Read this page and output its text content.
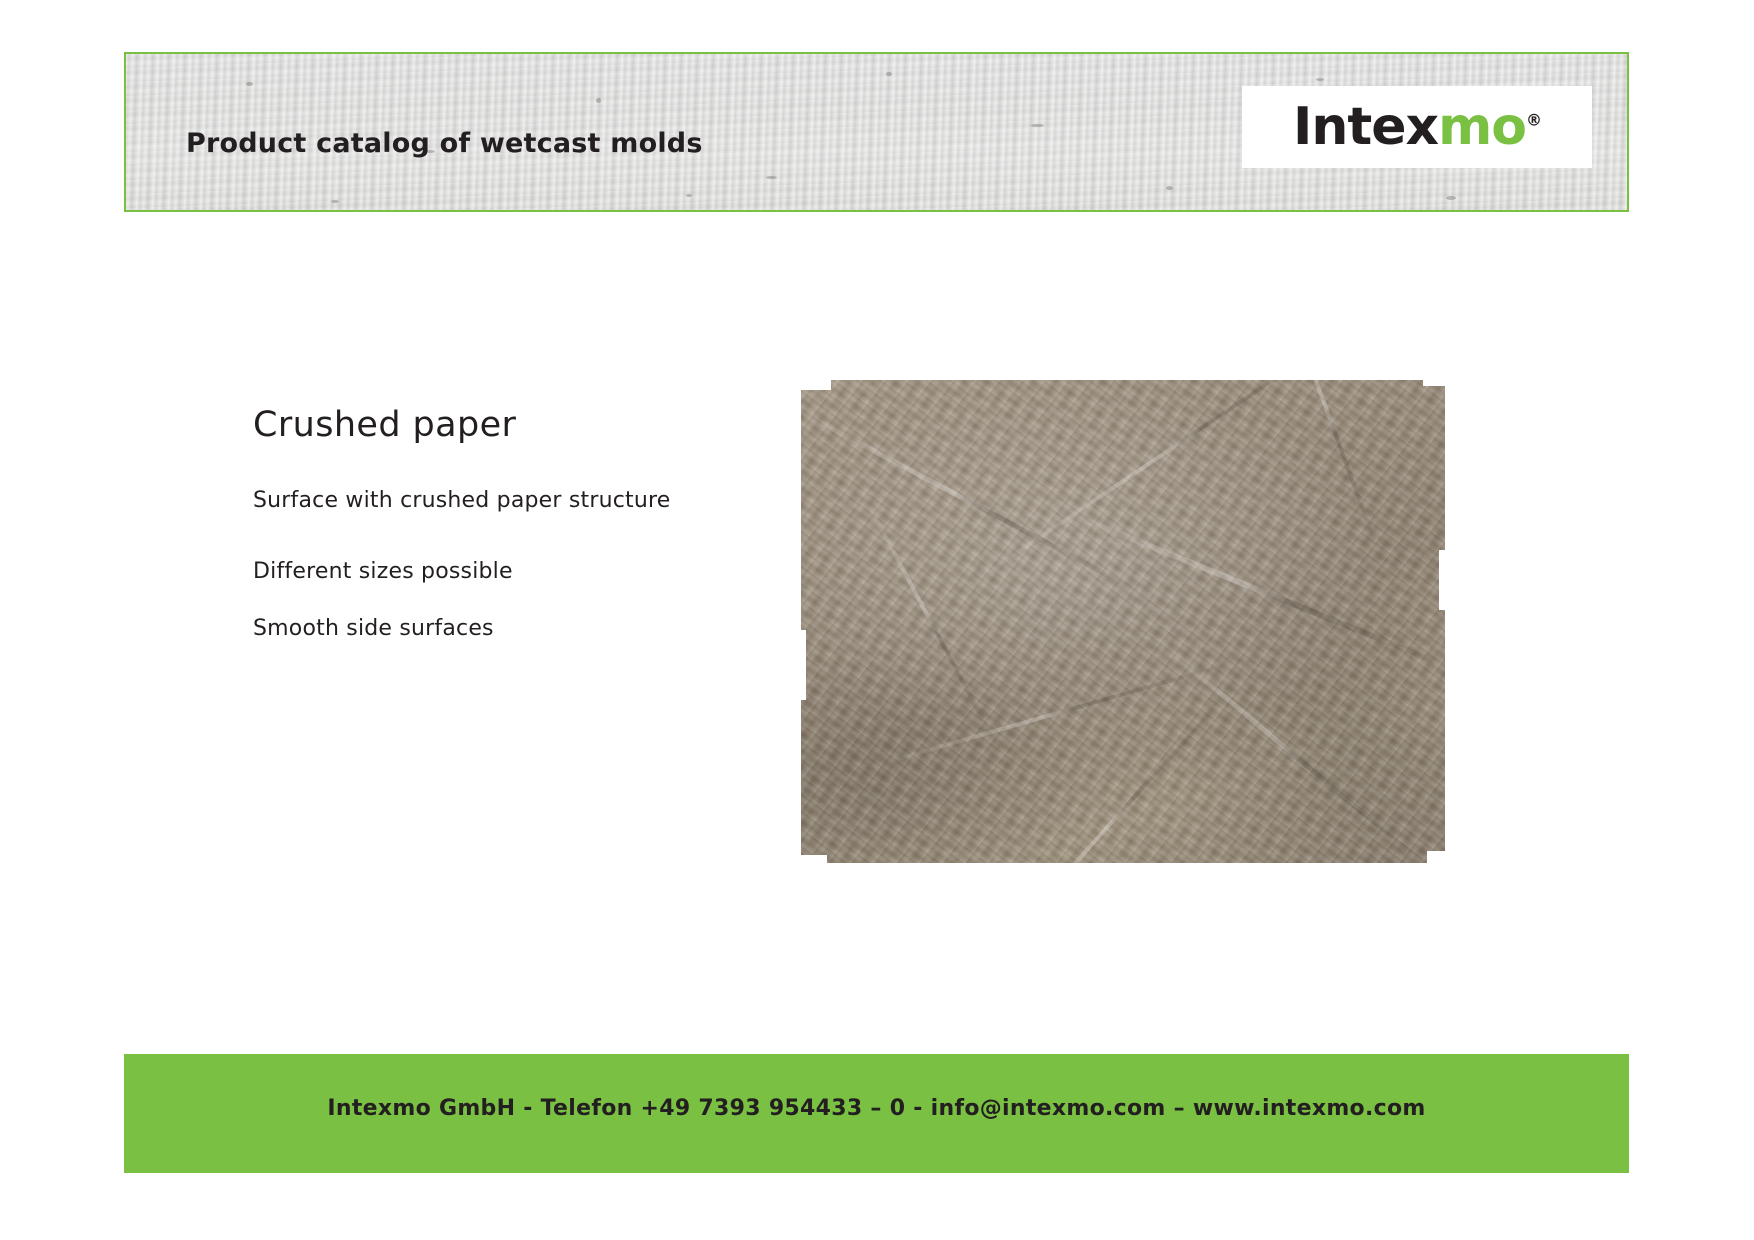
Product catalog of wetcast molds	Intexmo®
Crushed paper
Surface with crushed paper structure
Different sizes possible
Smooth side surfaces
Intexmo GmbH - Telefon +49 7393 954433 – 0 - info@intexmo.com – www.intexmo.com
